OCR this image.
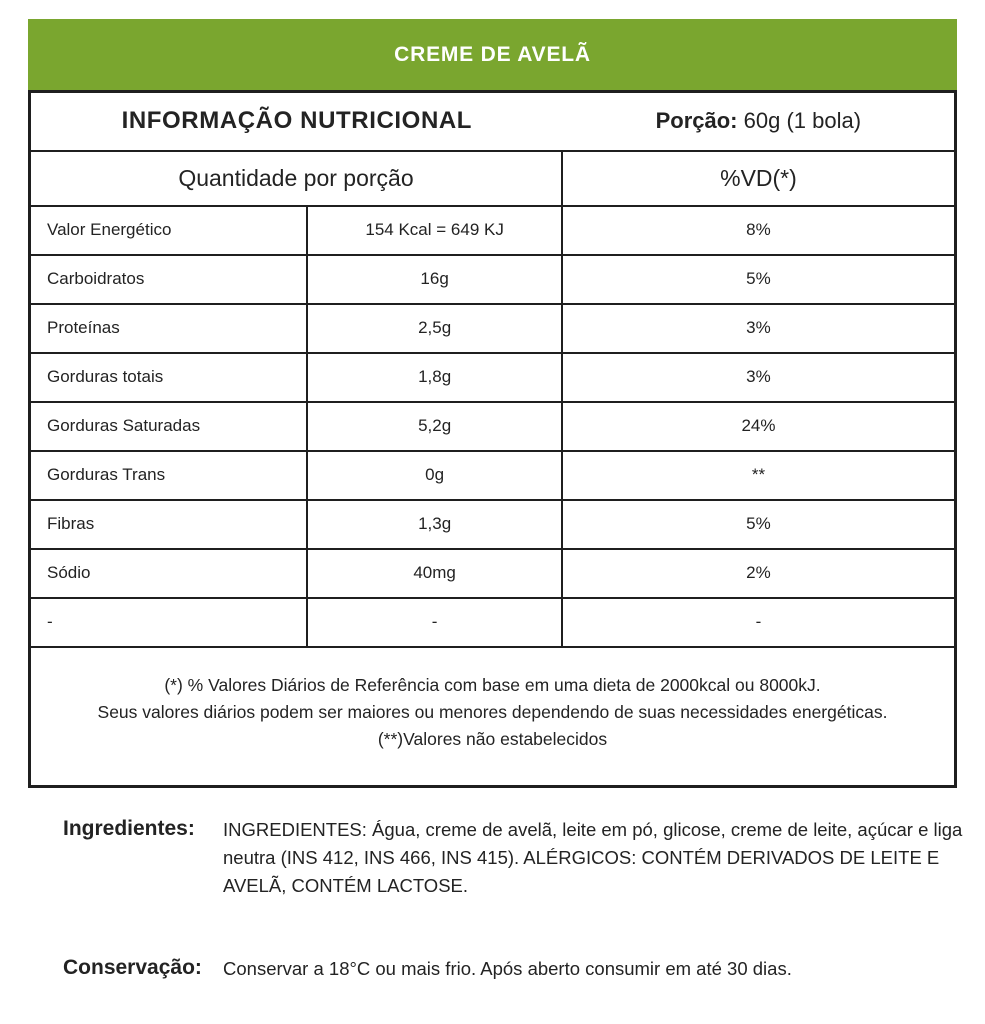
CREME DE AVELÃ
INFORMAÇÃO NUTRICIONAL Porção: 60g (1 bola)		

Quantidade por porção		%VD(*)
Valor Energético	154 Kcal = 649 KJ	8%
Carboidratos	16g	5%
Proteínas	2,5g	3%
Gorduras totais	1,8g	3%
Gorduras Saturadas	5,2g	24%
Gorduras Trans	0g	**
Fibras	1,3g	5%
Sódio	40mg	2%
-	-	-

(*) % Valores Diários de Referência com base em uma dieta de 2000kcal ou 8000kJ.
Seus valores diários podem ser maiores ou menores dependendo de suas necessidades energéticas.
(**)Valores não estabelecidos		
Ingredientes:	INGREDIENTES: Água, creme de avelã, leite em pó, glicose, creme de leite, açúcar e liga neutra (INS 412, INS 466, INS 415). ALÉRGICOS: CONTÉM DERIVADOS DE LEITE E AVELÃ, CONTÉM LACTOSE.
Conservação:	Conservar a 18°C ou mais frio. Após aberto consumir em até 30 dias.
